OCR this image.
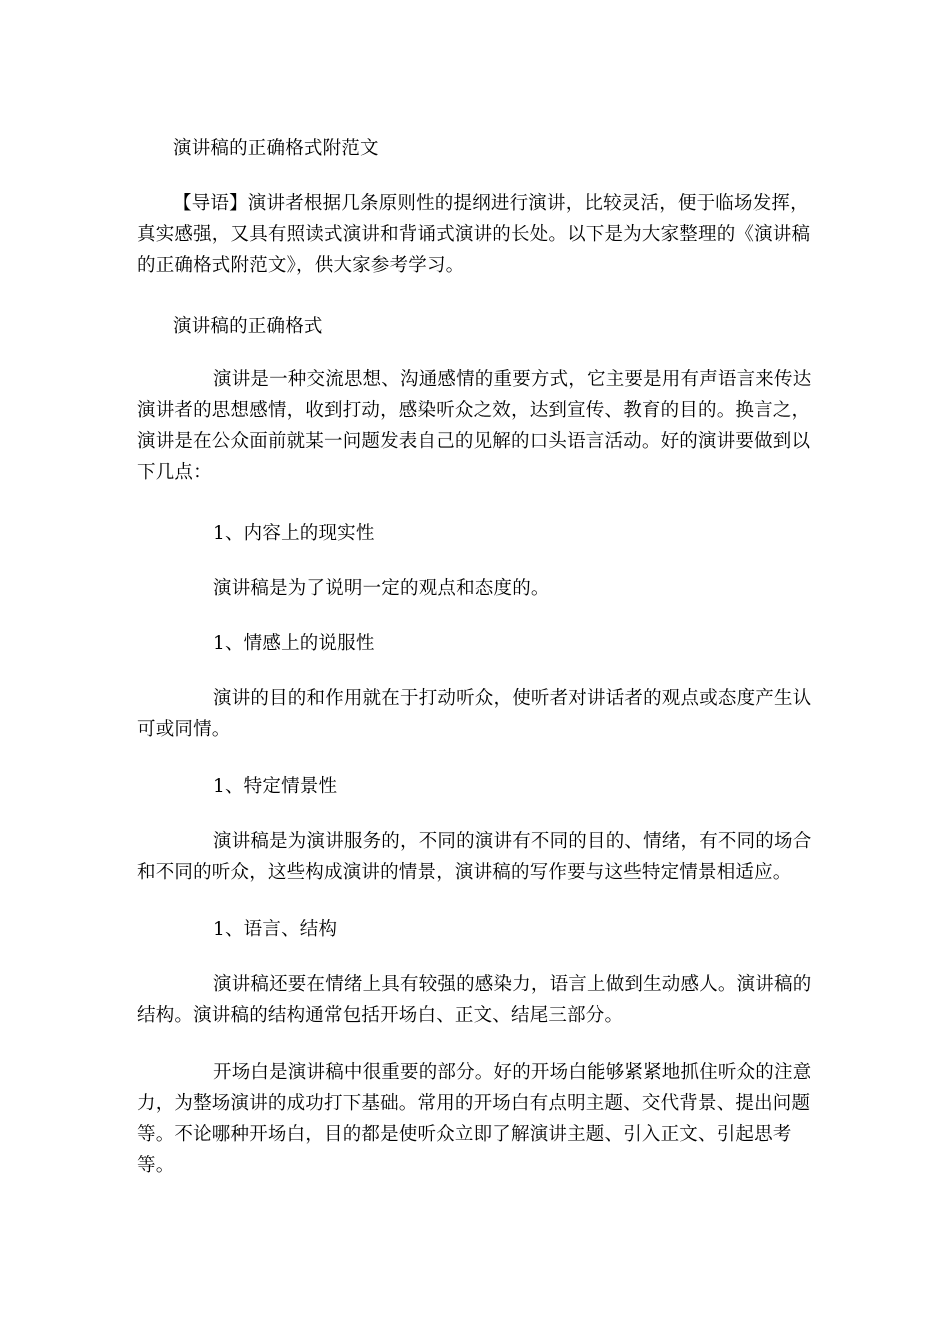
演讲稿的正确格式附范文

【导语】演讲者根据几条原则性的提纲进行演讲，比较灵活，便于临场发挥，真实感强，又具有照读式演讲和背诵式演讲的长处。以下是为大家整理的《演讲稿的正确格式附范文》，供大家参考学习。

演讲稿的正确格式

演讲是一种交流思想、沟通感情的重要方式，它主要是用有声语言来传达演讲者的思想感情，收到打动，感染听众之效，达到宣传、教育的目的。换言之，演讲是在公众面前就某一问题发表自己的见解的口头语言活动。好的演讲要做到以下几点：

1、内容上的现实性

演讲稿是为了说明一定的观点和态度的。

1、情感上的说服性

演讲的目的和作用就在于打动听众，使听者对讲话者的观点或态度产生认可或同情。

1、特定情景性

演讲稿是为演讲服务的，不同的演讲有不同的目的、情绪，有不同的场合和不同的听众，这些构成演讲的情景，演讲稿的写作要与这些特定情景相适应。

1、语言、结构

演讲稿还要在情绪上具有较强的感染力，语言上做到生动感人。演讲稿的结构。演讲稿的结构通常包括开场白、正文、结尾三部分。

开场白是演讲稿中很重要的部分。好的开场白能够紧紧地抓住听众的注意力，为整场演讲的成功打下基础。常用的开场白有点明主题、交代背景、提出问题等。不论哪种开场白，目的都是使听众立即了解演讲主题、引入正文、引起思考等。
